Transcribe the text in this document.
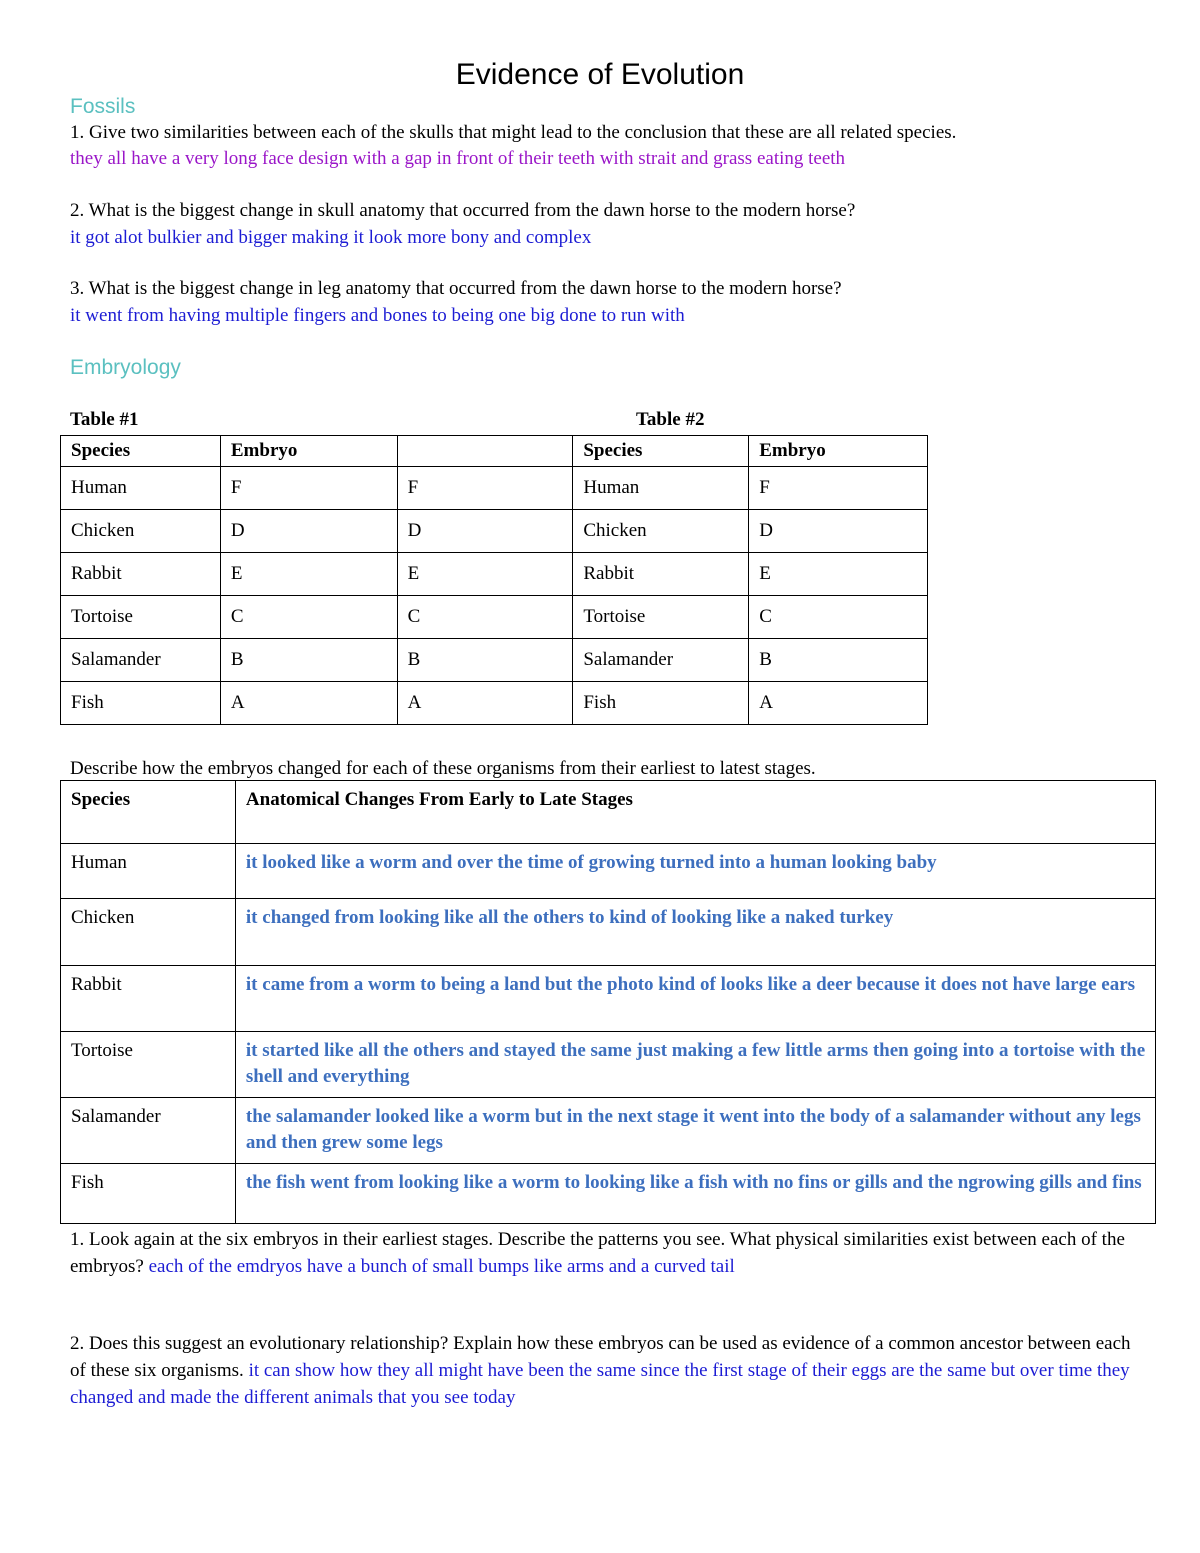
Evidence of Evolution
Fossils
1. Give two similarities between each of the skulls that might lead to the conclusion that these are all related species.
they all have a very long face design with a gap in front of their teeth with strait and grass eating teeth
2. What is the biggest change in skull anatomy that occurred from the dawn horse to the modern horse?
it got alot bulkier and bigger making it look more bony and complex
3. What is the biggest change in leg anatomy that occurred from the dawn horse to the modern horse?
it went from having multiple fingers and bones to being one big done to run with
Embryology
Table #1	Table #2
Species	Embryo		Species	Embryo
Human	F	F	Human	F
Chicken	D	D	Chicken	D
Rabbit	E	E	Rabbit	E
Tortoise	C	C	Tortoise	C
Salamander	B	B	Salamander	B
Fish	A	A	Fish	A
Describe how the embryos changed for each of these organisms from their earliest to latest stages.
Species	Anatomical Changes From Early to Late Stages
Human	it looked like a worm and over the time of growing turned into a human looking baby
Chicken	it changed from looking like all the others to kind of looking like a naked turkey
Rabbit	it came from a worm to being a land but the photo kind of looks like a deer because it does not have large ears
Tortoise	it started like all the others and stayed the same just making a few little arms then going into a tortoise with the shell and everything
Salamander	the salamander looked like a worm but in the next stage it went into the body of a salamander without any legs and then grew some legs
Fish	the fish went from looking like a worm to looking like a fish with no fins or gills and the ngrowing gills and fins
1. Look again at the six embryos in their earliest stages. Describe the patterns you see. What physical similarities exist between each of the embryos? each of the emdryos have a bunch of small bumps like arms and a curved tail
2. Does this suggest an evolutionary relationship? Explain how these embryos can be used as evidence of a common ancestor between each of these six organisms. it can show how they all might have been the same since the first stage of their eggs are the same but over time they changed and made the different animals that you see today
